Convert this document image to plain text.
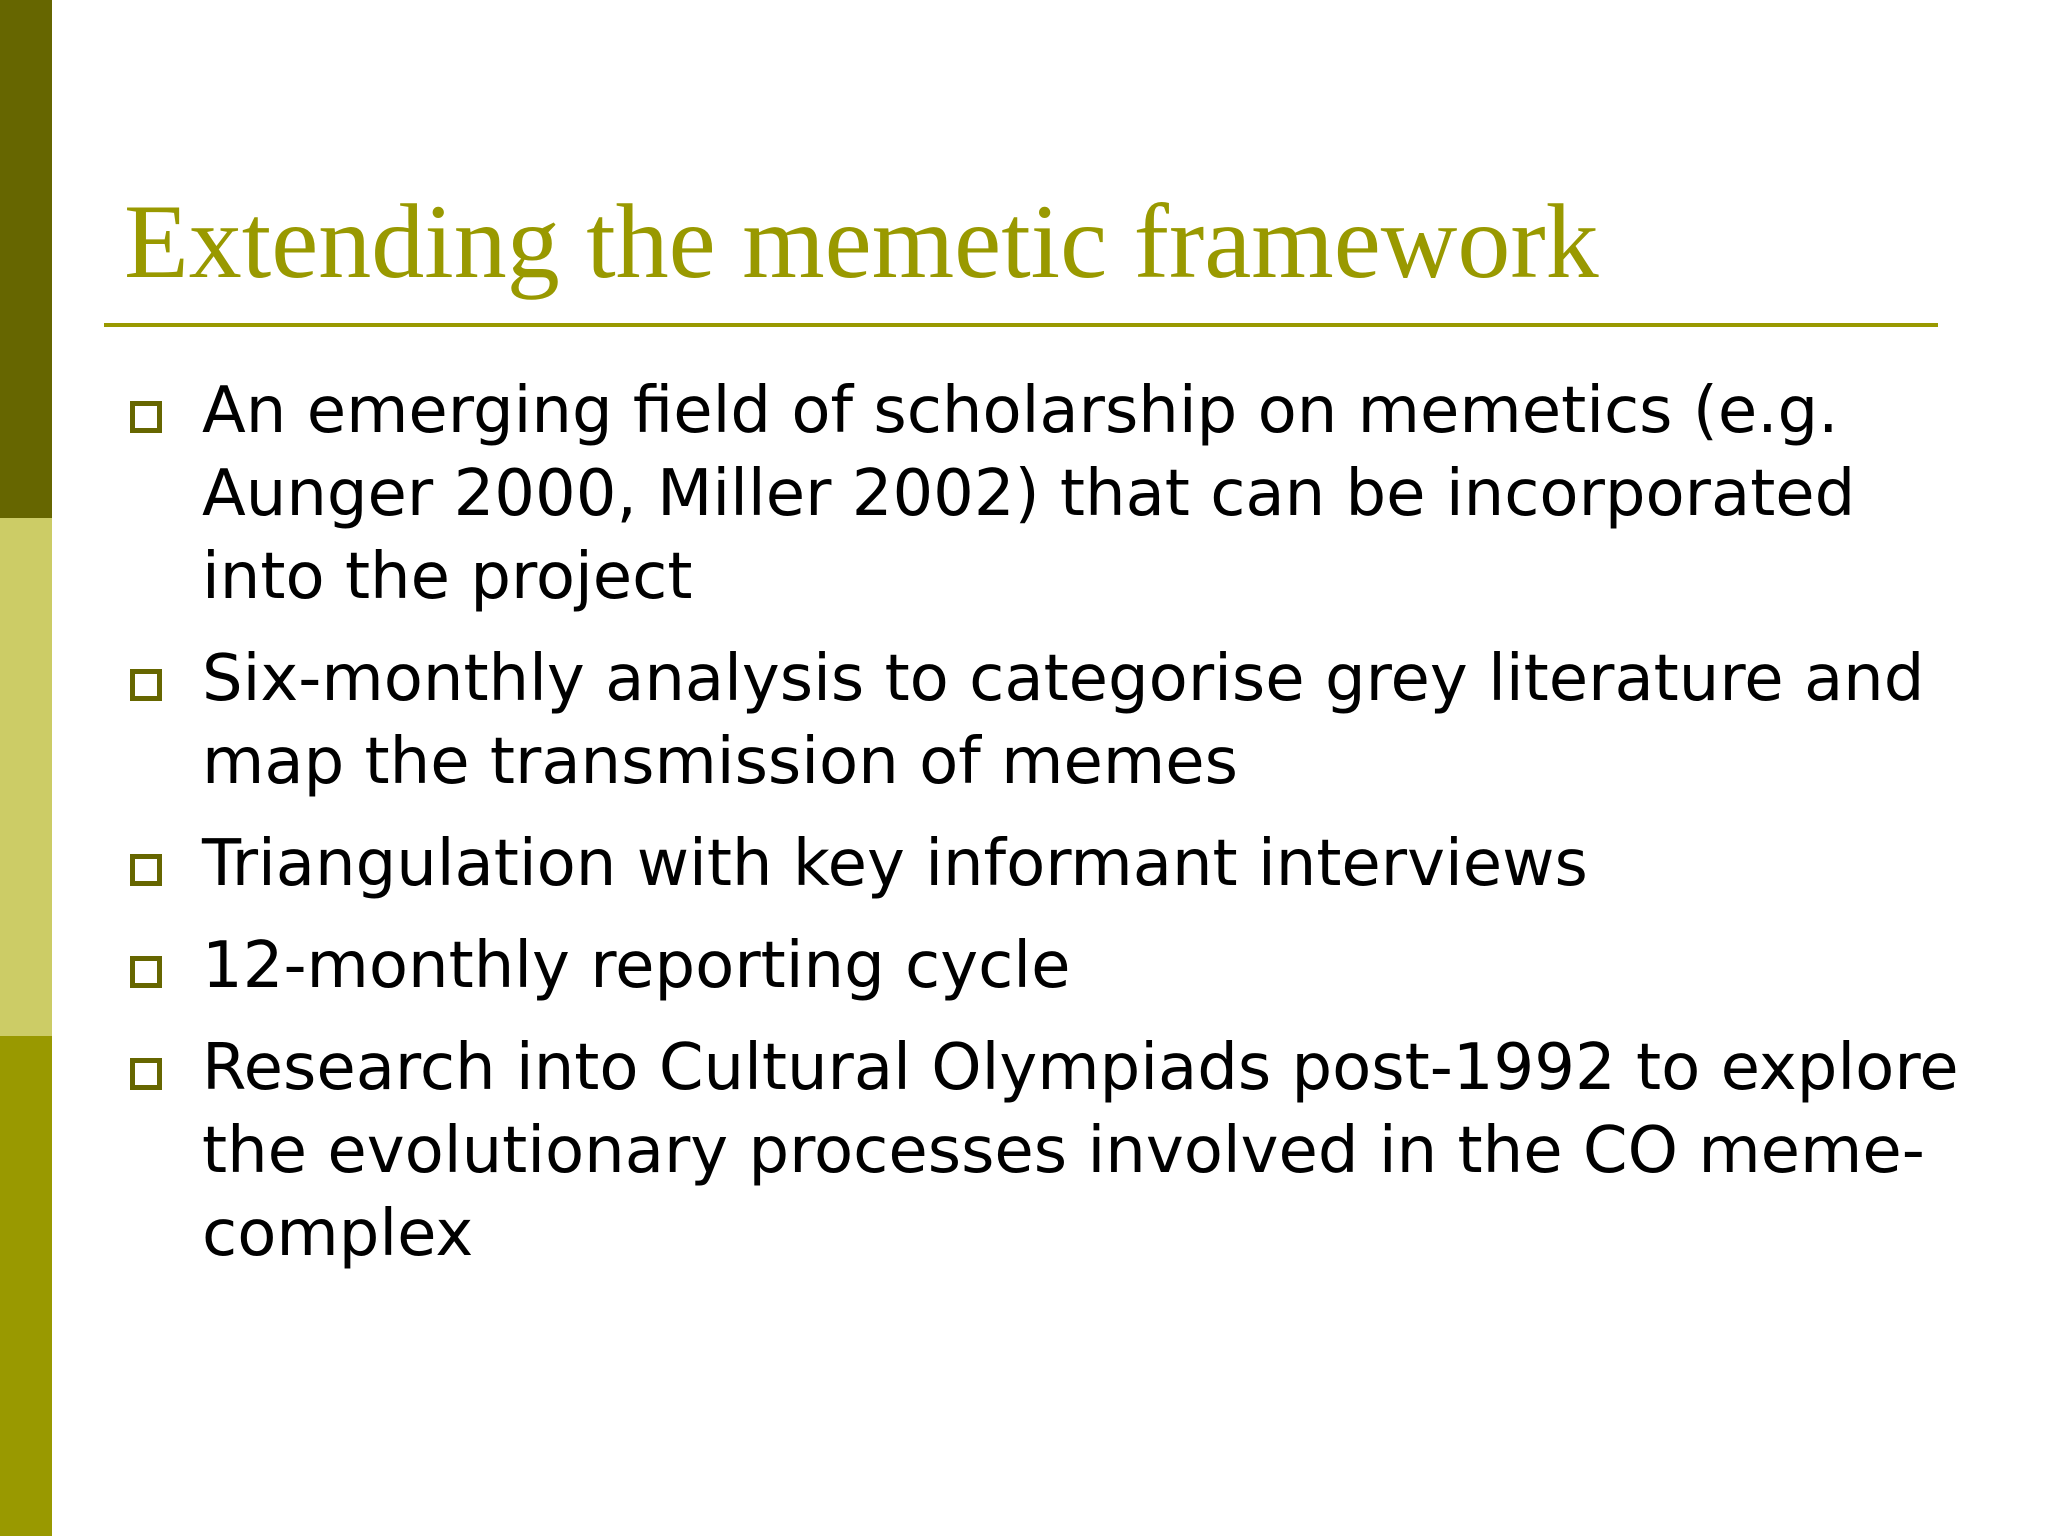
Extending the memetic framework
An emerging field of scholarship on memetics (e.g. Aunger 2000, Miller 2002) that can be incorporated into the project
Six-monthly analysis to categorise grey literature and map the transmission of memes
Triangulation with key informant interviews
12-monthly reporting cycle
Research into Cultural Olympiads post-1992 to explore the evolutionary processes involved in the CO meme-complex
